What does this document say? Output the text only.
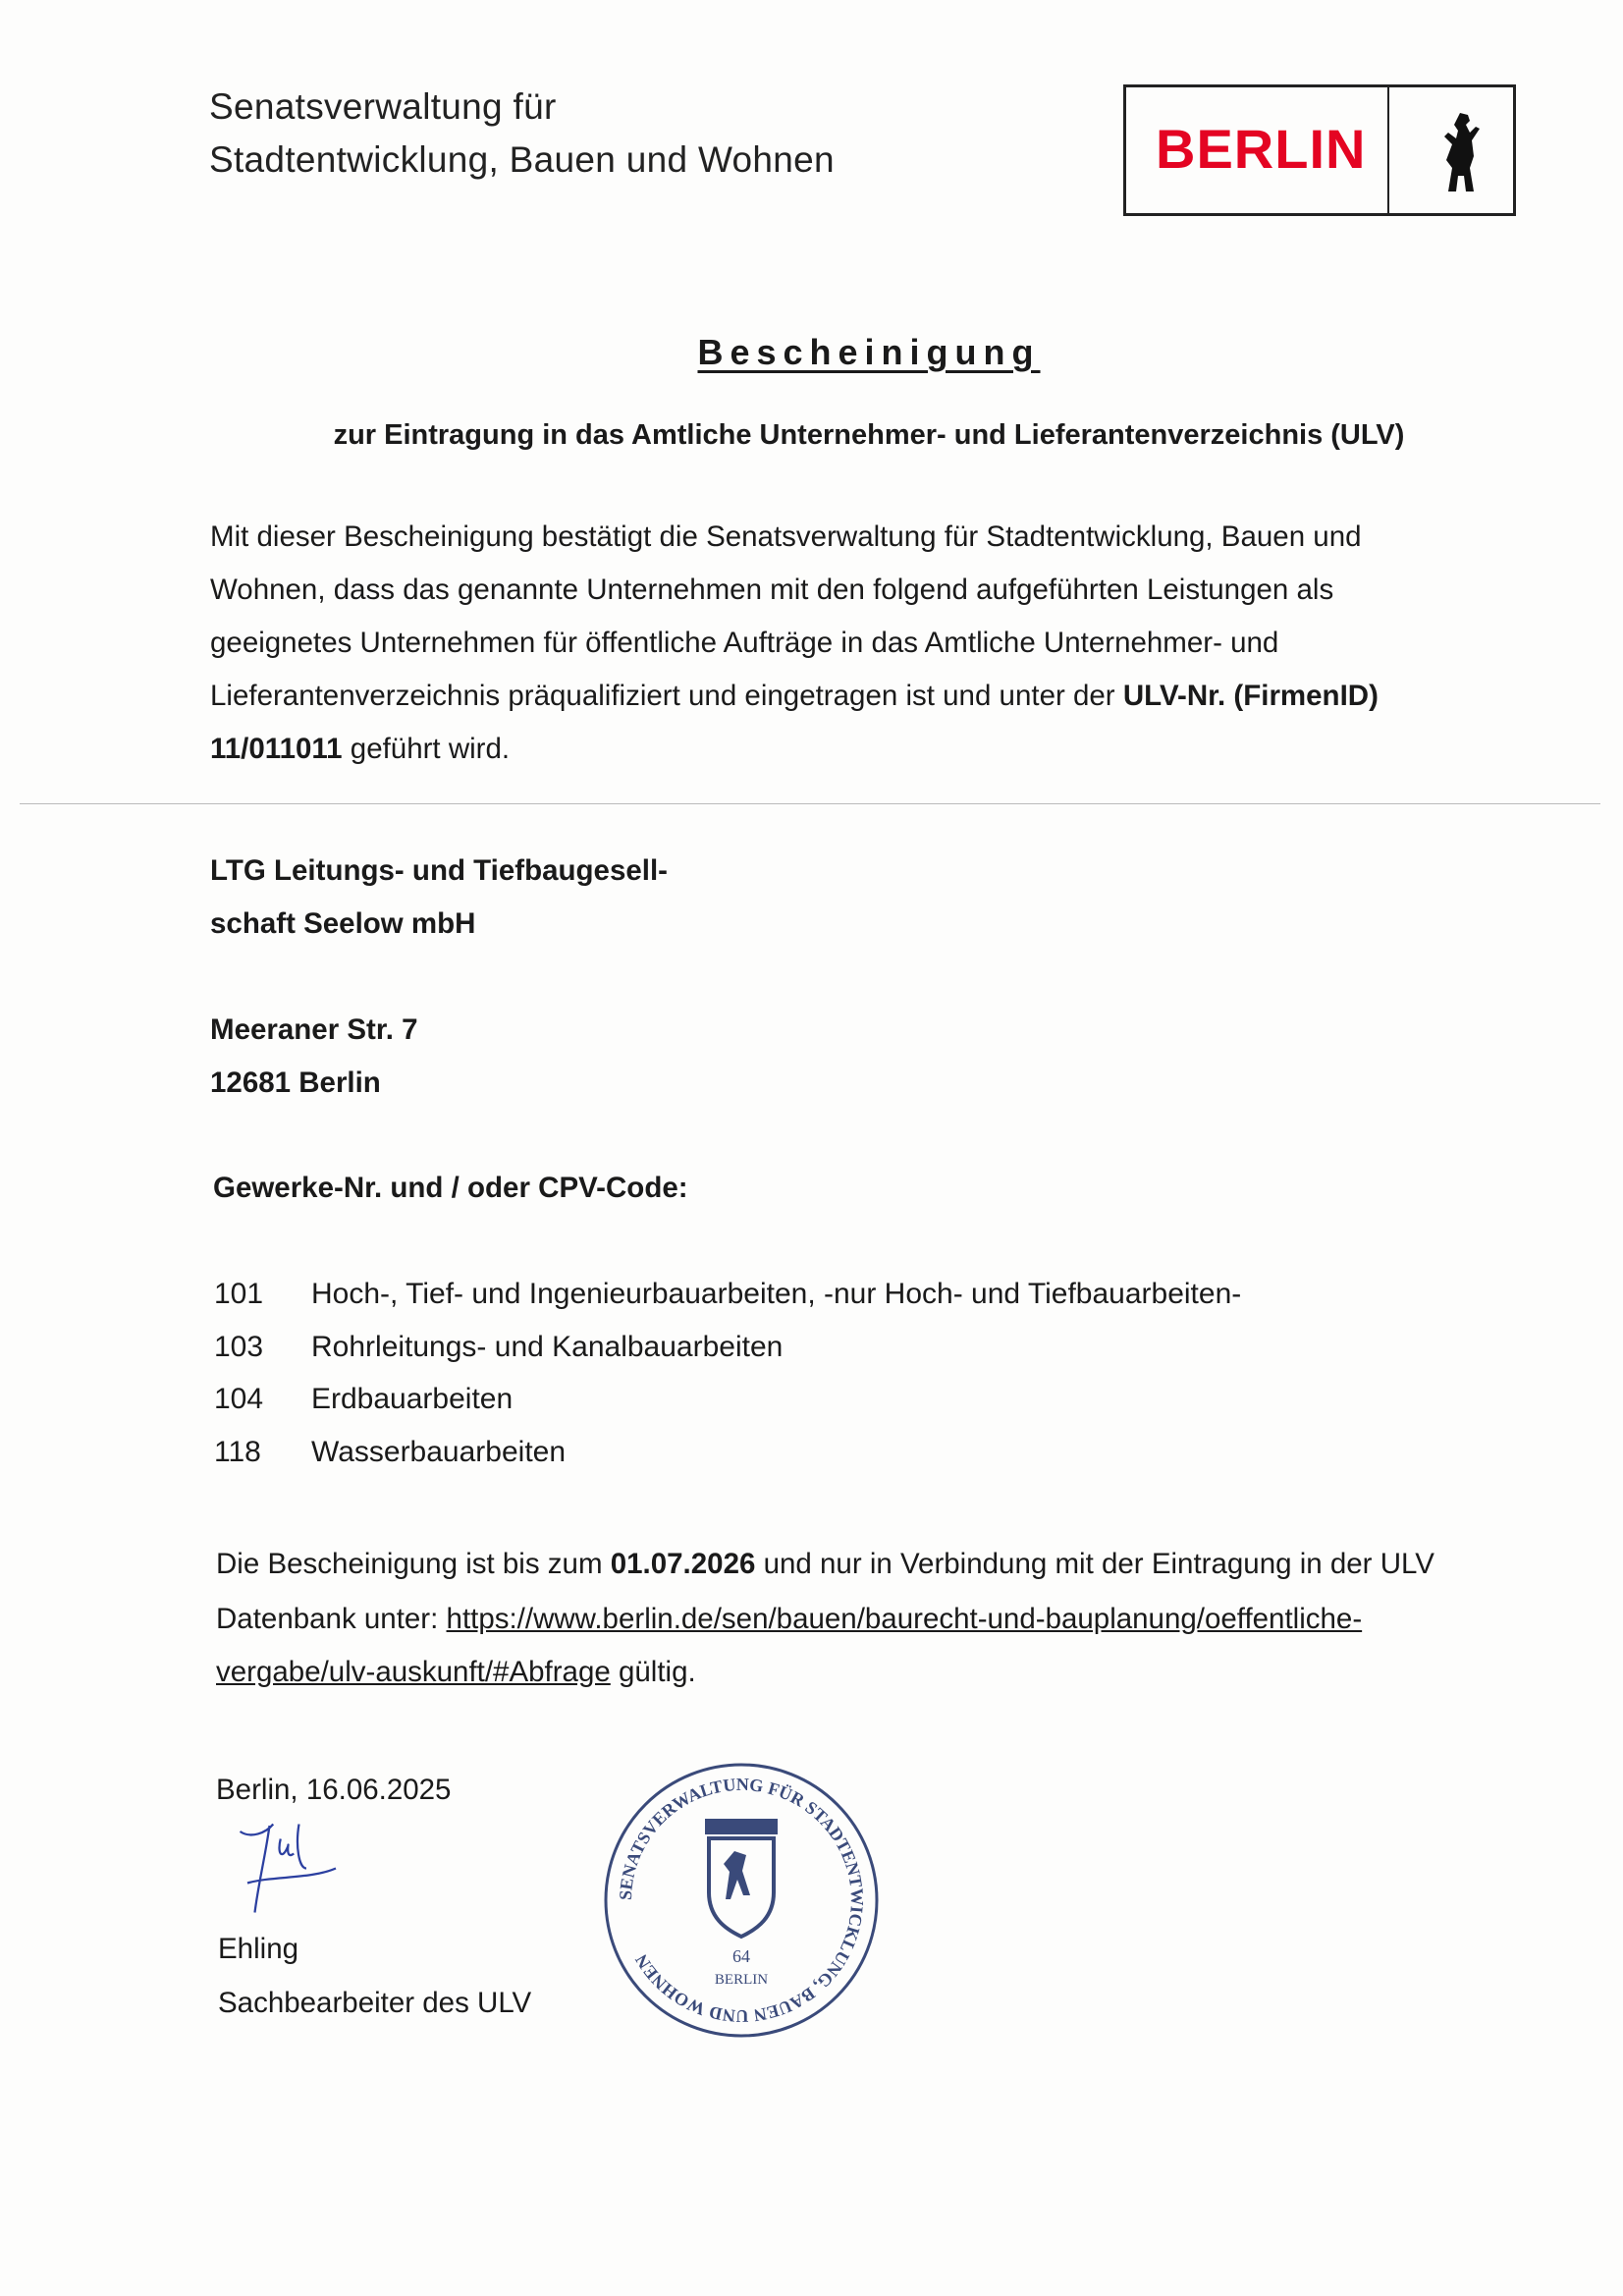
Senatsverwaltung für
Stadtentwicklung, Bauen und Wohnen	BERLIN
Bescheinigung
zur Eintragung in das Amtliche Unternehmer- und Lieferantenverzeichnis (ULV)
Mit dieser Bescheinigung bestätigt die Senatsverwaltung für Stadtentwicklung, Bauen und
Wohnen, dass das genannte Unternehmen mit den folgend aufgeführten Leistungen als
geeignetes Unternehmen für öffentliche Aufträge in das Amtliche Unternehmer- und
Lieferantenverzeichnis präqualifiziert und eingetragen ist und unter der ULV-Nr. (FirmenID)
11/011011 geführt wird.
LTG Leitungs- und Tiefbaugesell-
schaft Seelow mbH
Meeraner Str. 7
12681 Berlin
Gewerke-Nr. und / oder CPV-Code:
101 Hoch-, Tief- und Ingenieurbauarbeiten, -nur Hoch- und Tiefbauarbeiten-
103 Rohrleitungs- und Kanalbauarbeiten
104 Erdbauarbeiten
118 Wasserbauarbeiten
Die Bescheinigung ist bis zum 01.07.2026 und nur in Verbindung mit der Eintragung in der ULV
Datenbank unter: https://www.berlin.de/sen/bauen/baurecht-und-bauplanung/oeffentliche-
vergabe/ulv-auskunft/#Abfrage gültig.
Berlin, 16.06.2025
SENATSVERWALTUNG FÜR STADTENTWICKLUNG, BAUEN UND WOHNEN	64
BERLIN
Ehling
Sachbearbeiter des ULV
